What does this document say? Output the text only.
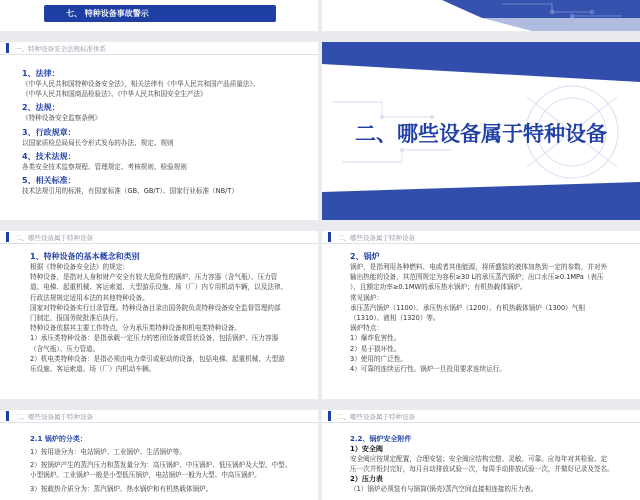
七、 特种设备事故警示
一、特种设备安全法规标准体系

1、法律：

《中华人民共和国特种设备安全法》，相关法律有《中华人民共和国产品质量法》、

《中华人民共和国商品检验法》、《中华人民共和国安全生产法》

2、法规：

《特种设备安全监察条例》

3、行政规章：

以国家质检总局局长令形式发布的办法、规定、规则

4、技术法规：

各类安全技术监察规程、管理规定、考核规则、检验规则

5、相关标准：

技术法规引用的标准，有国家标准（GB、GB/T）、国家行业标准（NB/T）

二、哪些设备属于特种设备
二、哪些设备属于特种设备

1、特种设备的基本概念和类别

根据《特种设备安全法》的规定：

特种设备，是指对人身和财产安全有较大危险性的锅炉、压力容器（含气瓶）、压力管

道、电梯、起重机械、客运索道、大型游乐设施、场（厂）内专用机动车辆，以及法律、

行政法规规定适用本法的其他特种设备。

国家对特种设备实行目录管理。特种设备目录由国务院负责特种设备安全监督管理的部

门制定，报国务院批准后执行。

特种设备依据其主要工作特点，分为承压类特种设备和机电类特种设备。

1）承压类特种设备：是指承载一定压力的密闭设备或管状设备，包括锅炉、压力容器

（含气瓶）、压力管道。

2）机电类特种设备：是指必须由电力牵引或驱动的设备，包括电梯、起重机械、大型游

乐设施、客运索道、场（厂）内机动车辆。

二、哪些设备属于特种设备

2、锅炉

锅炉，是指利用各种燃料、电或者其他能源，将所盛装的液体加热到一定的参数，并对外

输出热能的设备，其范围规定为容积≥30 L的承压蒸汽锅炉；出口水压≥0.1MPa（表压

），且额定功率≥0.1MW的承压热水锅炉；有机热载体锅炉。

常见锅炉：

承压蒸汽锅炉（1100）、承压热水锅炉（1200）、有机热载体锅炉（1300）气相

（1310）、液相（1320）等。

锅炉特点：

1）爆炸危害性。

2）易于损坏性。

3）使用的广泛性。

4）可靠的连续运行性。锅炉一旦投用要求连续运行。

二、哪些设备属于特种设备

2.1 锅炉的分类：

1）按用途分为：电站锅炉、工业锅炉、生活锅炉等。

2）按锅炉产生的蒸汽压力和蒸发量分为：高压锅炉、中压锅炉、低压锅炉及大型、中型、

小型锅炉。工业锅炉一般是小型低压锅炉，电站锅炉一般为大型、中高压锅炉。

3）按载热介质分为：蒸汽锅炉、热水锅炉和有机热载体锅炉。

二、哪些设备属于特种设备

2.2、锅炉安全附件

1）安全阀

安全阀应按规定配置，合理安装；安全阀应结构完整、灵敏、可靠。应每年对其检验、定

压一次并铅封完好，每月自动排放试验一次，每周手动排放试验一次，并做好记录及签名。

2）压力表

（1）锅炉必须装有与锅筒(锅壳)蒸汽空间直接相连接的压力表。
